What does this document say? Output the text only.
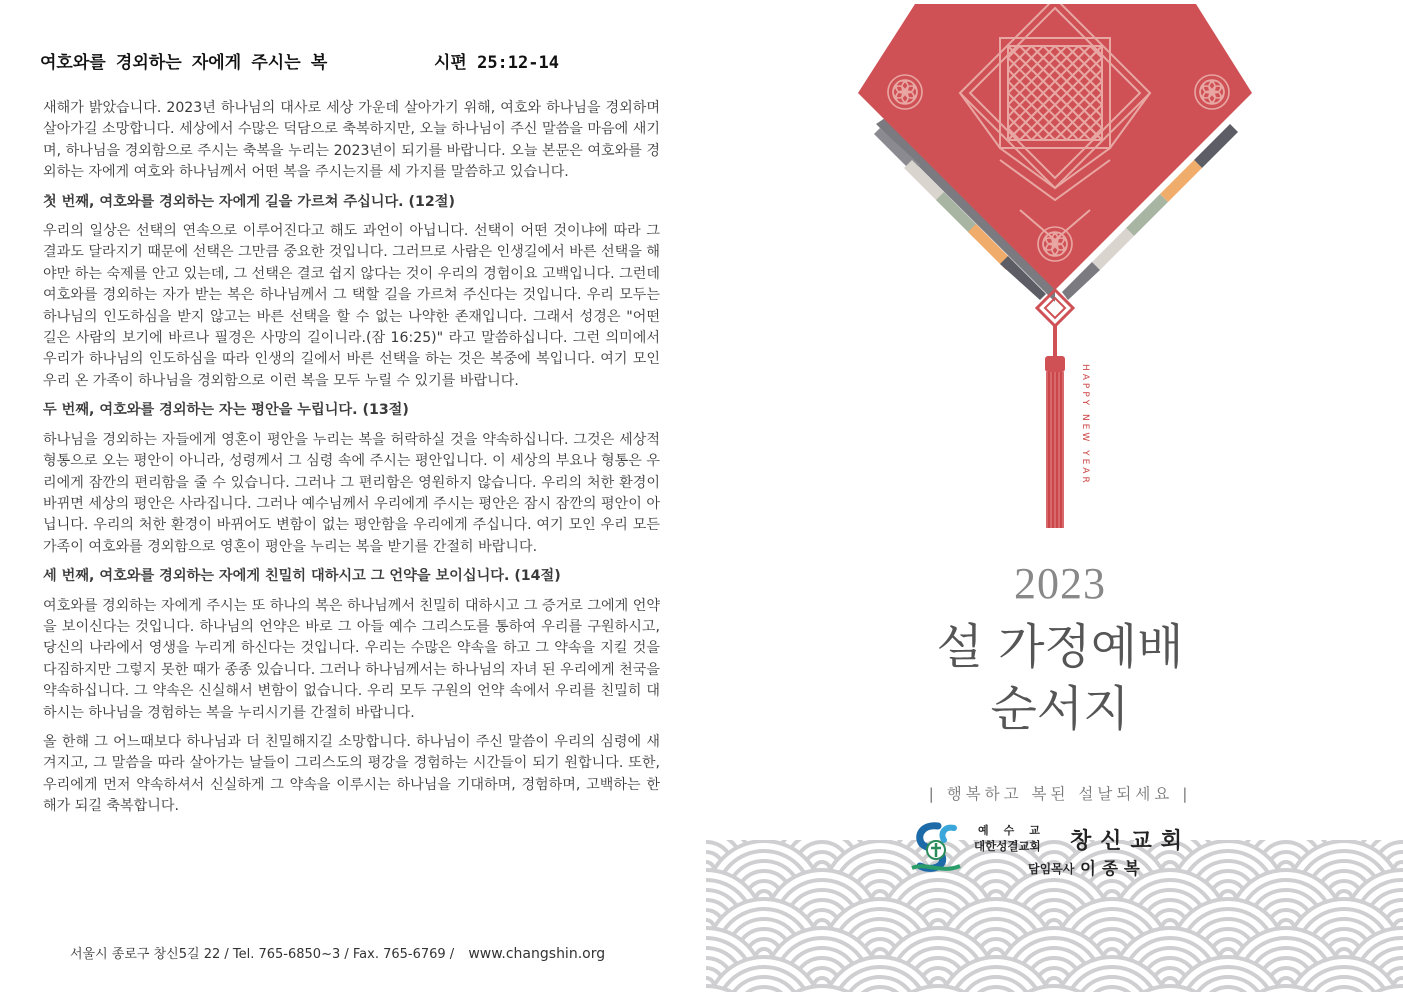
여호와를 경외하는 자에게 주시는 복	시편 25:12-14

새해가 밝았습니다. 2023년 하나님의 대사로 세상 가운데 살아가기 위해, 여호와 하나님을 경외하며 살아가길 소망합니다. 세상에서 수많은 덕담으로 축복하지만, 오늘 하나님이 주신 말씀을 마음에 새기며, 하나님을 경외함으로 주시는 축복을 누리는 2023년이 되기를 바랍니다. 오늘 본문은 여호와를 경외하는 자에게 여호와 하나님께서 어떤 복을 주시는지를 세 가지를 말씀하고 있습니다.

첫 번째, 여호와를 경외하는 자에게 길을 가르쳐 주십니다. (12절)

우리의 일상은 선택의 연속으로 이루어진다고 해도 과언이 아닙니다. 선택이 어떤 것이냐에 따라 그 결과도 달라지기 때문에 선택은 그만큼 중요한 것입니다. 그러므로 사람은 인생길에서 바른 선택을 해야만 하는 숙제를 안고 있는데, 그 선택은 결코 쉽지 않다는 것이 우리의 경험이요 고백입니다. 그런데 여호와를 경외하는 자가 받는 복은 하나님께서 그 택할 길을 가르쳐 주신다는 것입니다. 우리 모두는 하나님의 인도하심을 받지 않고는 바른 선택을 할 수 없는 나약한 존재입니다. 그래서 성경은 "어떤 길은 사람의 보기에 바르나 필경은 사망의 길이니라.(잠 16:25)" 라고 말씀하십니다. 그런 의미에서 우리가 하나님의 인도하심을 따라 인생의 길에서 바른 선택을 하는 것은 복중에 복입니다. 여기 모인 우리 온 가족이 하나님을 경외함으로 이런 복을 모두 누릴 수 있기를 바랍니다.

두 번째, 여호와를 경외하는 자는 평안을 누립니다. (13절)

하나님을 경외하는 자들에게 영혼이 평안을 누리는 복을 허락하실 것을 약속하십니다. 그것은 세상적 형통으로 오는 평안이 아니라, 성령께서 그 심령 속에 주시는 평안입니다. 이 세상의 부요나 형통은 우리에게 잠깐의 편리함을 줄 수 있습니다. 그러나 그 편리함은 영원하지 않습니다. 우리의 처한 환경이 바뀌면 세상의 평안은 사라집니다. 그러나 예수님께서 우리에게 주시는 평안은 잠시 잠깐의 평안이 아닙니다. 우리의 처한 환경이 바뀌어도 변함이 없는 평안함을 우리에게 주십니다. 여기 모인 우리 모든 가족이 여호와를 경외함으로 영혼이 평안을 누리는 복을 받기를 간절히 바랍니다.

세 번째, 여호와를 경외하는 자에게 친밀히 대하시고 그 언약을 보이십니다. (14절)

여호와를 경외하는 자에게 주시는 또 하나의 복은 하나님께서 친밀히 대하시고 그 증거로 그에게 언약을 보이신다는 것입니다. 하나님의 언약은 바로 그 아들 예수 그리스도를 통하여 우리를 구원하시고, 당신의 나라에서 영생을 누리게 하신다는 것입니다. 우리는 수많은 약속을 하고 그 약속을 지킬 것을 다짐하지만 그렇지 못한 때가 종종 있습니다. 그러나 하나님께서는 하나님의 자녀 된 우리에게 천국을 약속하십니다. 그 약속은 신실해서 변함이 없습니다. 우리 모두 구원의 언약 속에서 우리를 친밀히 대하시는 하나님을 경험하는 복을 누리시기를 간절히 바랍니다.

올 한해 그 어느때보다 하나님과 더 친밀해지길 소망합니다. 하나님이 주신 말씀이 우리의 심령에 새겨지고, 그 말씀을 따라 살아가는 날들이 그리스도의 평강을 경험하는 시간들이 되기 원합니다. 또한, 우리에게 먼저 약속하셔서 신실하게 그 약속을 이루시는 하나님을 기대하며, 경험하며, 고백하는 한 해가 되길 축복합니다.

서울시 종로구 창신5길 22 / Tel. 765-6850~3 / Fax. 765-6769 / www.changshin.org
HAPPY NEW YEAR
2023
설 가정예배
순서지
| 행복하고 복된 설날되세요 |
예수교
대한성결교회 창신교회
담임목사 이종복
